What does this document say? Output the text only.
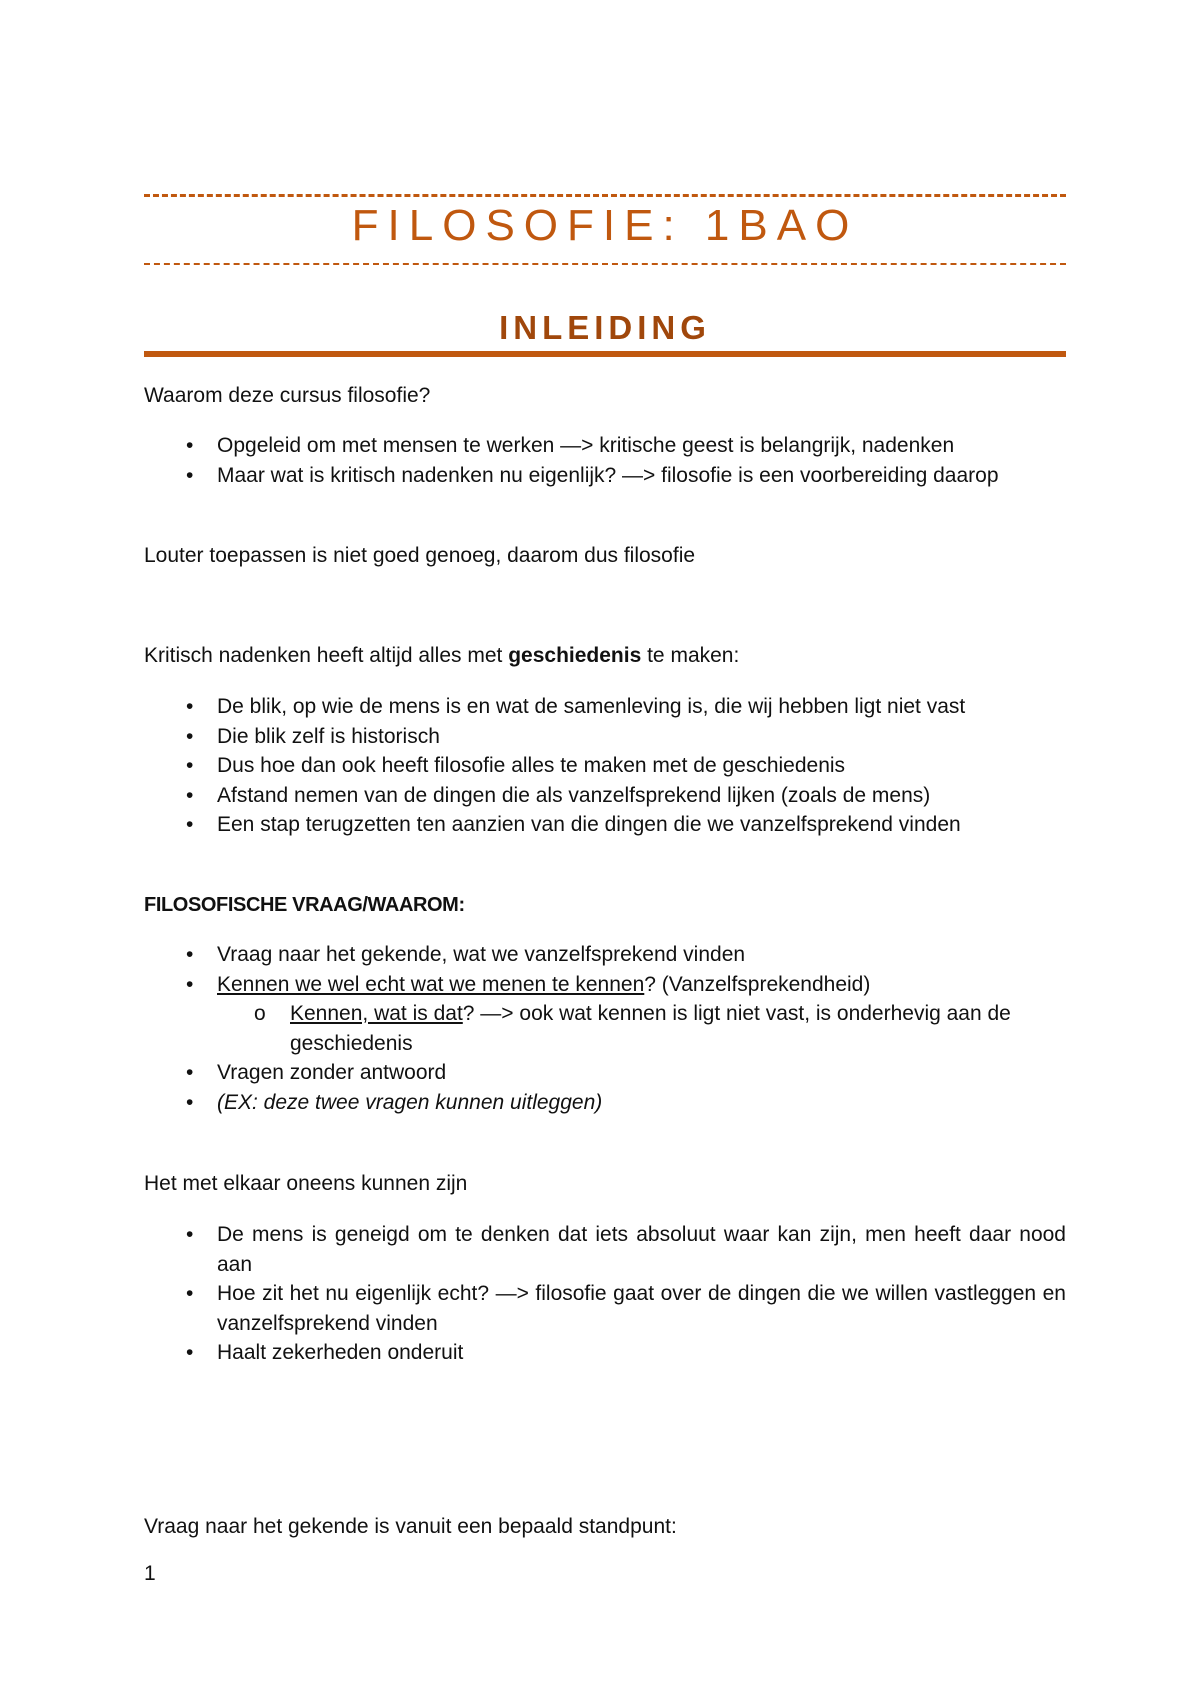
FILOSOFIE: 1BAO
INLEIDING
Waarom deze cursus filosofie?
• Opgeleid om met mensen te werken —> kritische geest is belangrijk, nadenken
• Maar wat is kritisch nadenken nu eigenlijk? —> filosofie is een voorbereiding daarop
Louter toepassen is niet goed genoeg, daarom dus filosofie
Kritisch nadenken heeft altijd alles met geschiedenis te maken:
• De blik, op wie de mens is en wat de samenleving is, die wij hebben ligt niet vast
• Die blik zelf is historisch
• Dus hoe dan ook heeft filosofie alles te maken met de geschiedenis
• Afstand nemen van de dingen die als vanzelfsprekend lijken (zoals de mens)
• Een stap terugzetten ten aanzien van die dingen die we vanzelfsprekend vinden
FILOSOFISCHE VRAAG/WAAROM:
• Vraag naar het gekende, wat we vanzelfsprekend vinden
• Kennen we wel echt wat we menen te kennen? (Vanzelfsprekendheid)
o Kennen, wat is dat? —> ook wat kennen is ligt niet vast, is onderhevig aan de geschiedenis
• Vragen zonder antwoord
• (EX: deze twee vragen kunnen uitleggen)
Het met elkaar oneens kunnen zijn
• De mens is geneigd om te denken dat iets absoluut waar kan zijn, men heeft daar nood aan
• Hoe zit het nu eigenlijk echt? —> filosofie gaat over de dingen die we willen vastleggen en vanzelfsprekend vinden
• Haalt zekerheden onderuit
Vraag naar het gekende is vanuit een bepaald standpunt:
1
